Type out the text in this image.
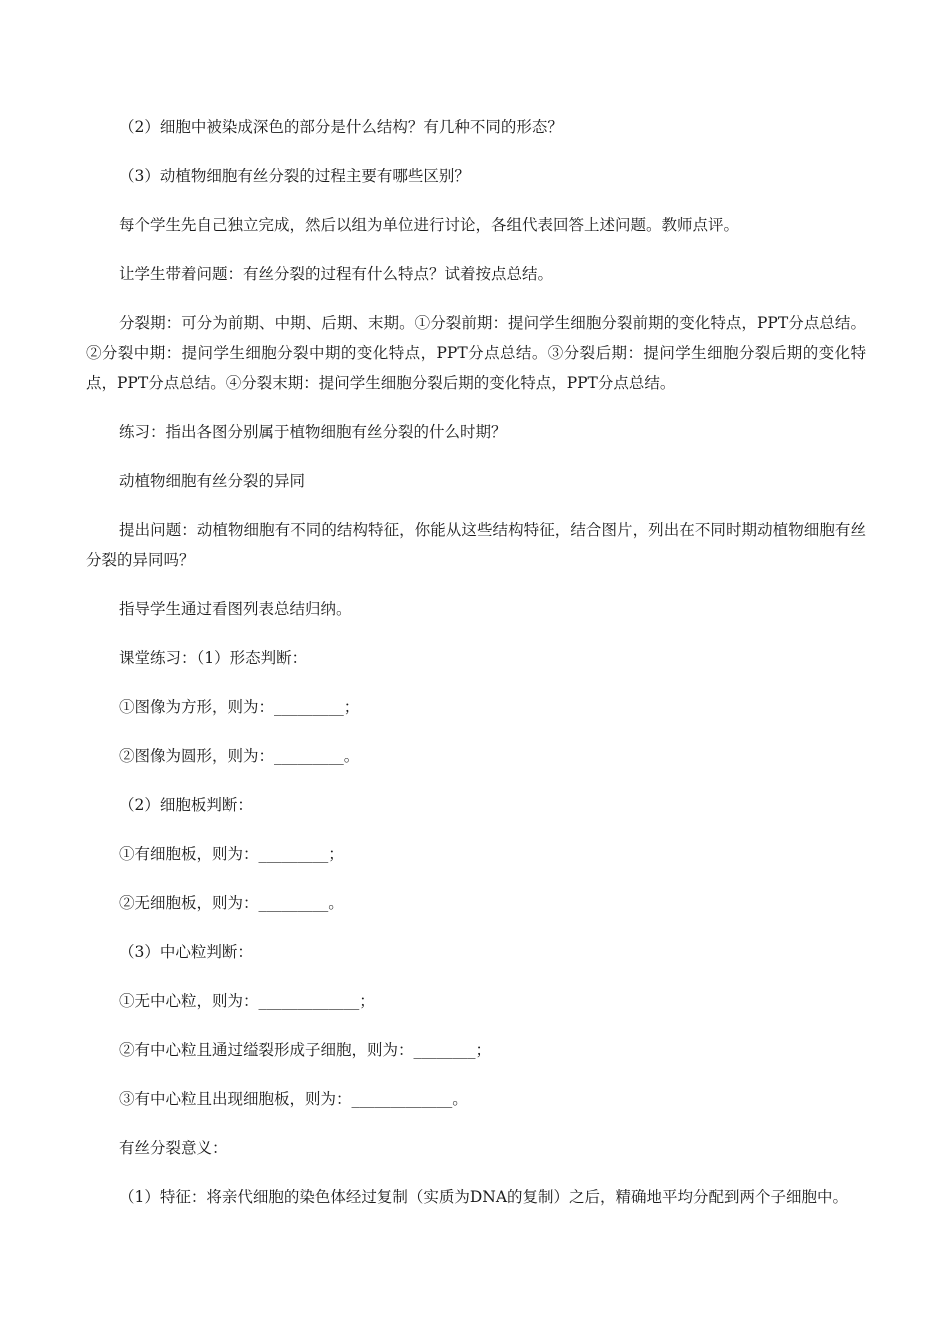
（2）细胞中被染成深色的部分是什么结构？有几种不同的形态？

（3）动植物细胞有丝分裂的过程主要有哪些区别？

每个学生先自己独立完成，然后以组为单位进行讨论，各组代表回答上述问题。教师点评。

让学生带着问题：有丝分裂的过程有什么特点？试着按点总结。

分裂期：可分为前期、中期、后期、末期。①分裂前期：提问学生细胞分裂前期的变化特点，PPT分点总结。②分裂中期：提问学生细胞分裂中期的变化特点，PPT分点总结。③分裂后期：提问学生细胞分裂后期的变化特点，PPT分点总结。④分裂末期：提问学生细胞分裂后期的变化特点，PPT分点总结。

练习：指出各图分别属于植物细胞有丝分裂的什么时期？

动植物细胞有丝分裂的异同

提出问题：动植物细胞有不同的结构特征，你能从这些结构特征，结合图片，列出在不同时期动植物细胞有丝分裂的异同吗？

指导学生通过看图列表总结归纳。

课堂练习：（1）形态判断：

①图像为方形，则为：_________；

②图像为圆形，则为：_________。

（2）细胞板判断：

①有细胞板，则为：_________；

②无细胞板，则为：_________。

（3）中心粒判断：

①无中心粒，则为：_____________；

②有中心粒且通过缢裂形成子细胞，则为：________；

③有中心粒且出现细胞板，则为：_____________。

有丝分裂意义：

（1）特征：将亲代细胞的染色体经过复制（实质为DNA的复制）之后，精确地平均分配到两个子细胞中。
